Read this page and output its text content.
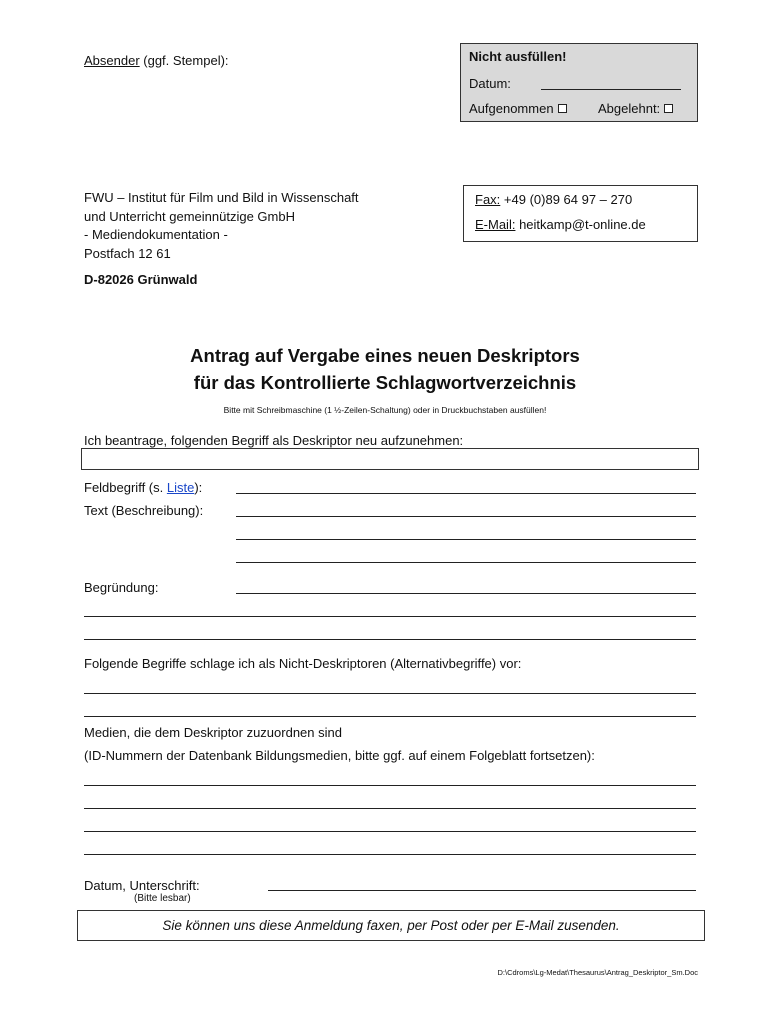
Absender (ggf. Stempel):	Nicht ausfüllen!
Datum:
Aufgenommen	Abgelehnt:
FWU – Institut für Film und Bild in Wissenschaft
und Unterricht gemeinnützige GmbH
- Mediendokumentation -
Postfach 12 61
D-82026 Grünwald
Fax: +49 (0)89 64 97 – 270
E-Mail: heitkamp@t-online.de
Antrag auf Vergabe eines neuen Deskriptors
für das Kontrollierte Schlagwortverzeichnis
Bitte mit Schreibmaschine (1 ½-Zeilen-Schaltung) oder in Druckbuchstaben ausfüllen!
Ich beantrage, folgenden Begriff als Deskriptor neu aufzunehmen:
Feldbegriff (s. Liste):
Text (Beschreibung):
Begründung:
Folgende Begriffe schlage ich als Nicht-Deskriptoren (Alternativbegriffe) vor:
Medien, die dem Deskriptor zuzuordnen sind
(ID-Nummern der Datenbank Bildungsmedien, bitte ggf. auf einem Folgeblatt fortsetzen):
Datum, Unterschrift:
(Bitte lesbar)
Sie können uns diese Anmeldung faxen, per Post oder per E-Mail zusenden.
D:\Cdroms\Lg-Medat\Thesaurus\Antrag_Deskriptor_Sm.Doc
